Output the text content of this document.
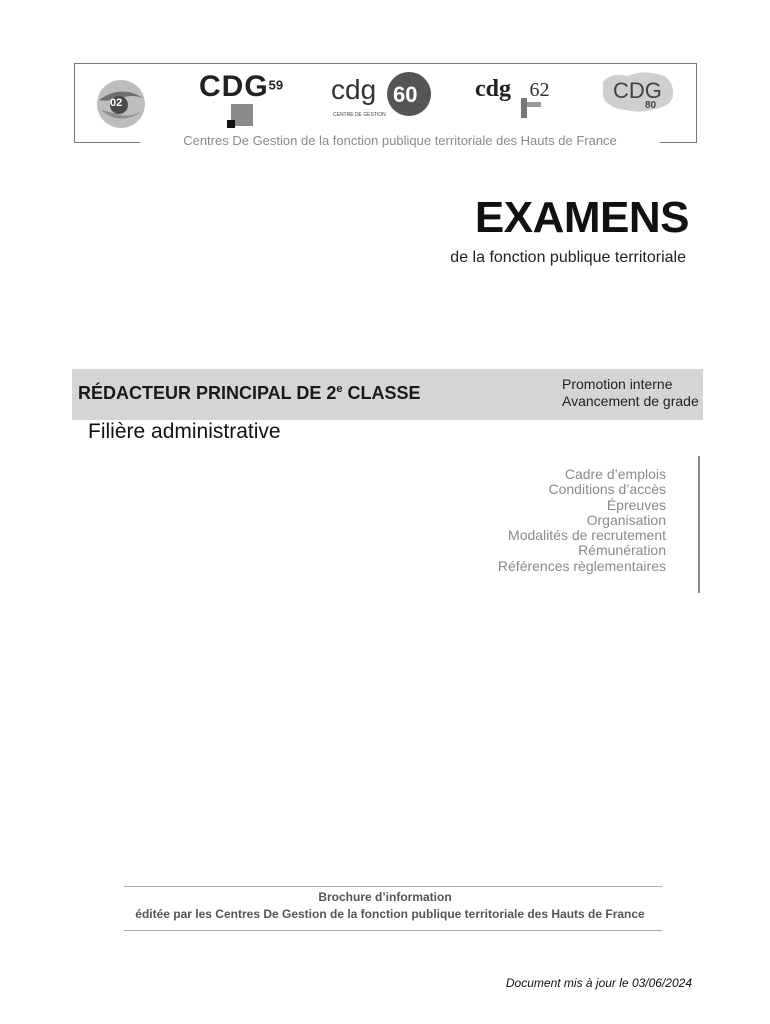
02	CDG$^{59}$ cdg 60
CENTRE DE GESTION
cdg 62	CDG
80
Centres De Gestion de la fonction publique territoriale des Hauts de France
EXAMENS
de la fonction publique territoriale
RÉDACTEUR PRINCIPAL DE 2e CLASSE	Promotion interne
Avancement de grade
Filière administrative
Cadre d’emplois
Conditions d’accès
Épreuves
Organisation
Modalités de recrutement
Rémunération
Références règlementaires
Brochure d’information
éditée par les Centres De Gestion de la fonction publique territoriale des Hauts de France
Document mis à jour le 03/06/2024
